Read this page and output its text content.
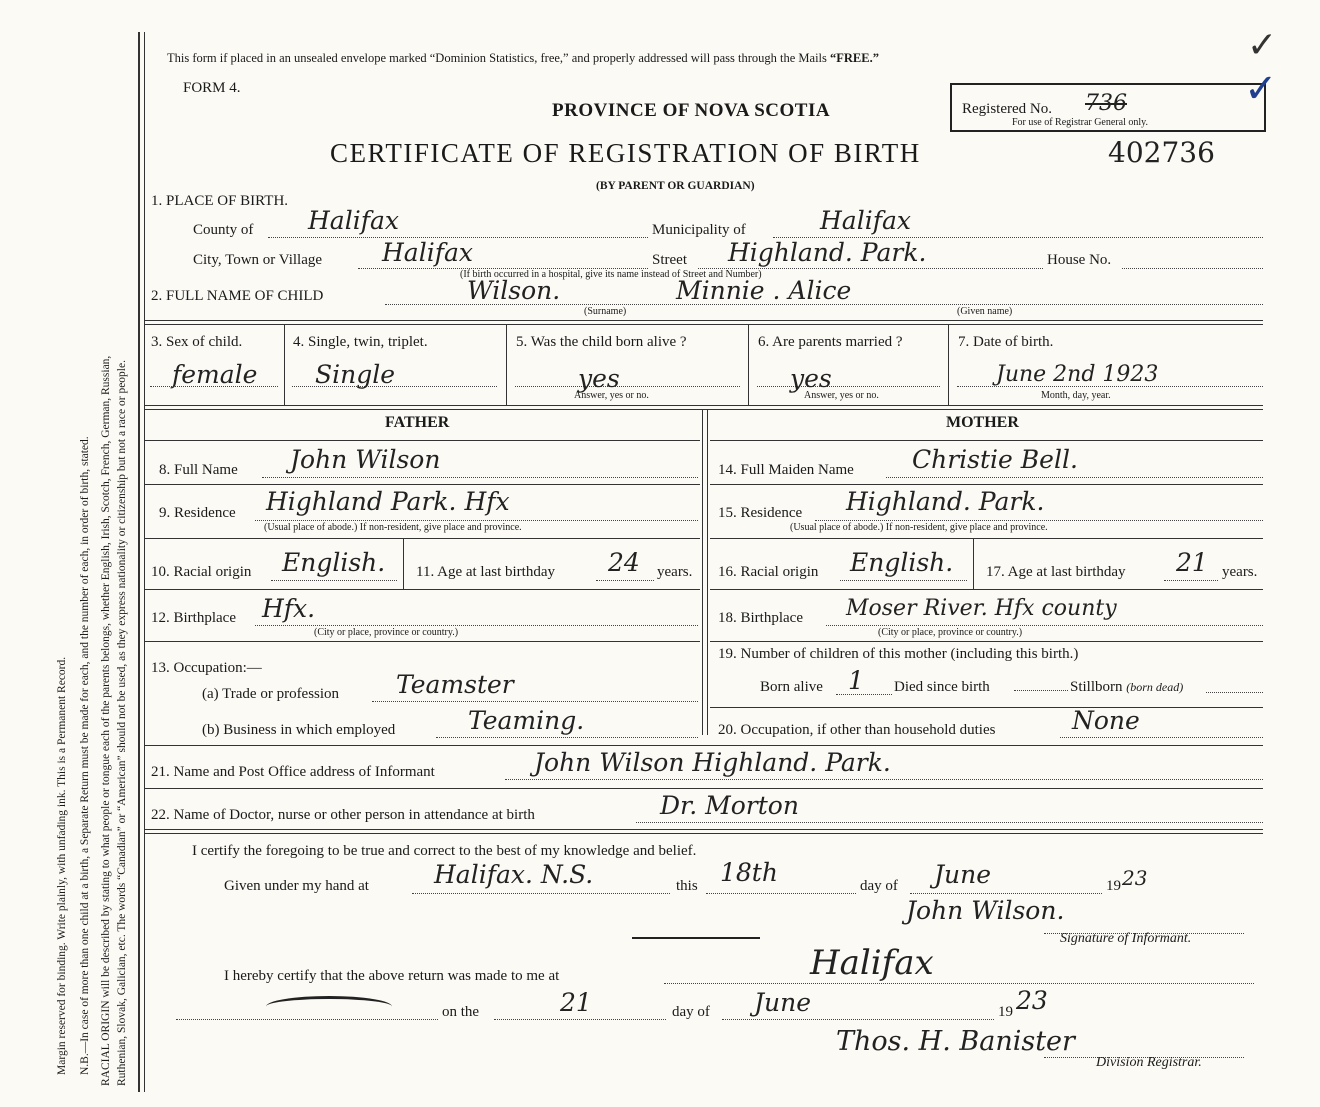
Margin reserved for binding. Write plainly, with unfading ink. This is a Permanent Record. N.B.—In case of more than one child at a birth, a Separate Return must be made for each, and the number of each, in order of birth, stated. RACIAL ORIGIN will be described by stating to what people or tongue each of the parents belongs, whether English, Irish, Scotch, French, German, Russian, Ruthenian, Slovak, Galician, etc. The words “Canadian” or “American” should not be used, as they express nationality or citizenship but not a race or people.
This form if placed in an unsealed envelope marked “Dominion Statistics, free,” and properly addressed will pass through the Mails “FREE.”
FORM 4.
PROVINCE OF NOVA SCOTIA
CERTIFICATE OF REGISTRATION OF BIRTH
(BY PARENT OR GUARDIAN)
402736
Registered No. 736
For use of Registrar General only.
✓
✓
1. PLACE OF BIRTH.
County of Halifax	Municipality of	Halifax
City, Town or Village Halifax	Street Highland. Park.	House No.
(If birth occurred in a hospital, give its name instead of Street and Number)
2. FULL NAME OF CHILD	Wilson.	Minnie . Alice
(Surname)	(Given name)
3. Sex of child.
female
4. Single, twin, triplet.
Single
5. Was the child born alive ?
yes
Answer, yes or no.
6. Are parents married ?
yes
Answer, yes or no.
7. Date of birth.
June 2nd 1923
Month, day, year.
FATHER	MOTHER
8. Full Name John Wilson
9. Residence Highland Park. Hfx
(Usual place of abode.) If non-resident, give place and province.
10. Racial origin English. 11. Age at last birthday 24 years.
12. Birthplace Hfx.
(City or place, province or country.)
13. Occupation:—
(a) Trade or profession Teamster
(b) Business in which employed	Teaming.
14. Full Maiden Name Christie Bell.
15. Residence Highland. Park.
(Usual place of abode.) If non-resident, give place and province.
16. Racial origin English. 17. Age at last birthday 21 years.
18. Birthplace Moser River. Hfx county
(City or place, province or country.)
19. Number of children of this mother (including this birth.)
Born alive 1 Died since birth	Stillborn (born dead)
20. Occupation, if other than household duties	None
21. Name and Post Office address of Informant	John Wilson Highland. Park.
22. Name of Doctor, nurse or other person in attendance at birth	Dr. Morton
I certify the foregoing to be true and correct to the best of my knowledge and belief.
Given under my hand at	Halifax. N.S.	this 18th	day of June	19 23
John Wilson.
Signature of Informant.
I hereby certify that the above return was made to me at	Halifax
on the	21	day of June	19 23
Thos. H. Banister
Division Registrar.
